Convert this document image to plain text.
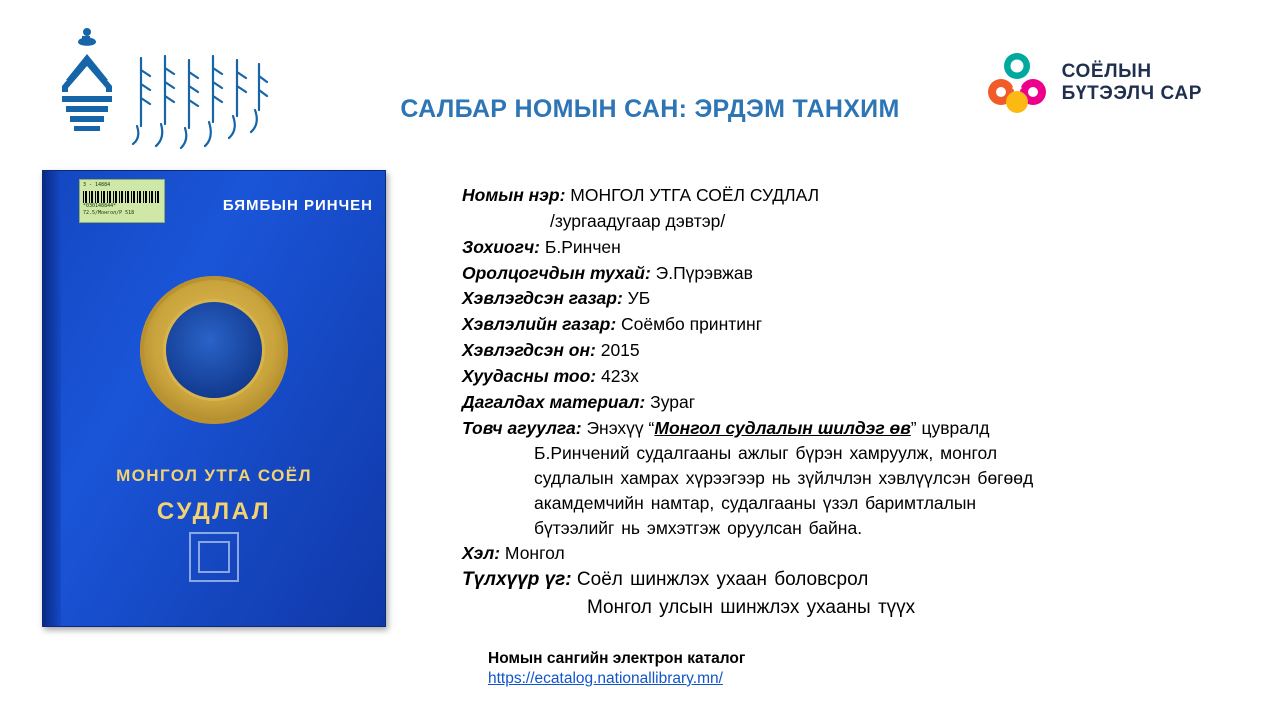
САЛБАР НОМЫН САН: ЭРДЭМ ТАНХИМ
СОЁЛЫН
БҮТЭЭЛЧ САР
3 - 14884
*030148844*
72.5/Монгол/Р 518	БЯМБЫН РИНЧЕН
МОНГОЛ УТГА СОЁЛ
СУДЛАЛ
Номын нэр: МОНГОЛ УТГА СОЁЛ СУДЛАЛ
/зургаадугаар дэвтэр/
Зохиогч: Б.Ринчен
Оролцогчдын тухай: Э.Пүрэвжав
Хэвлэгдсэн газар: УБ
Хэвлэлийн газар: Соёмбо принтинг
Хэвлэгдсэн он: 2015
Хуудасны тоо: 423х
Дагалдах материал: Зураг
Товч агуулга: Энэхүү “Монгол судлалын шилдэг өв” цувралд
Б.Ринчений судалгааны ажлыг бүрэн хамруулж, монгол судлалын хамрах хүрээгээр нь зүйлчлэн хэвлүүлсэн бөгөөд акамдемчийн намтар, судалгааны үзэл баримтлалын бүтээлийг нь эмхэтгэж оруулсан байна.
Хэл: Монгол
Түлхүүр үг: Соёл шинжлэх ухаан боловсрол
Монгол улсын шинжлэх ухааны түүх
Номын сангийн электрон каталог
https://ecatalog.nationallibrary.mn/
